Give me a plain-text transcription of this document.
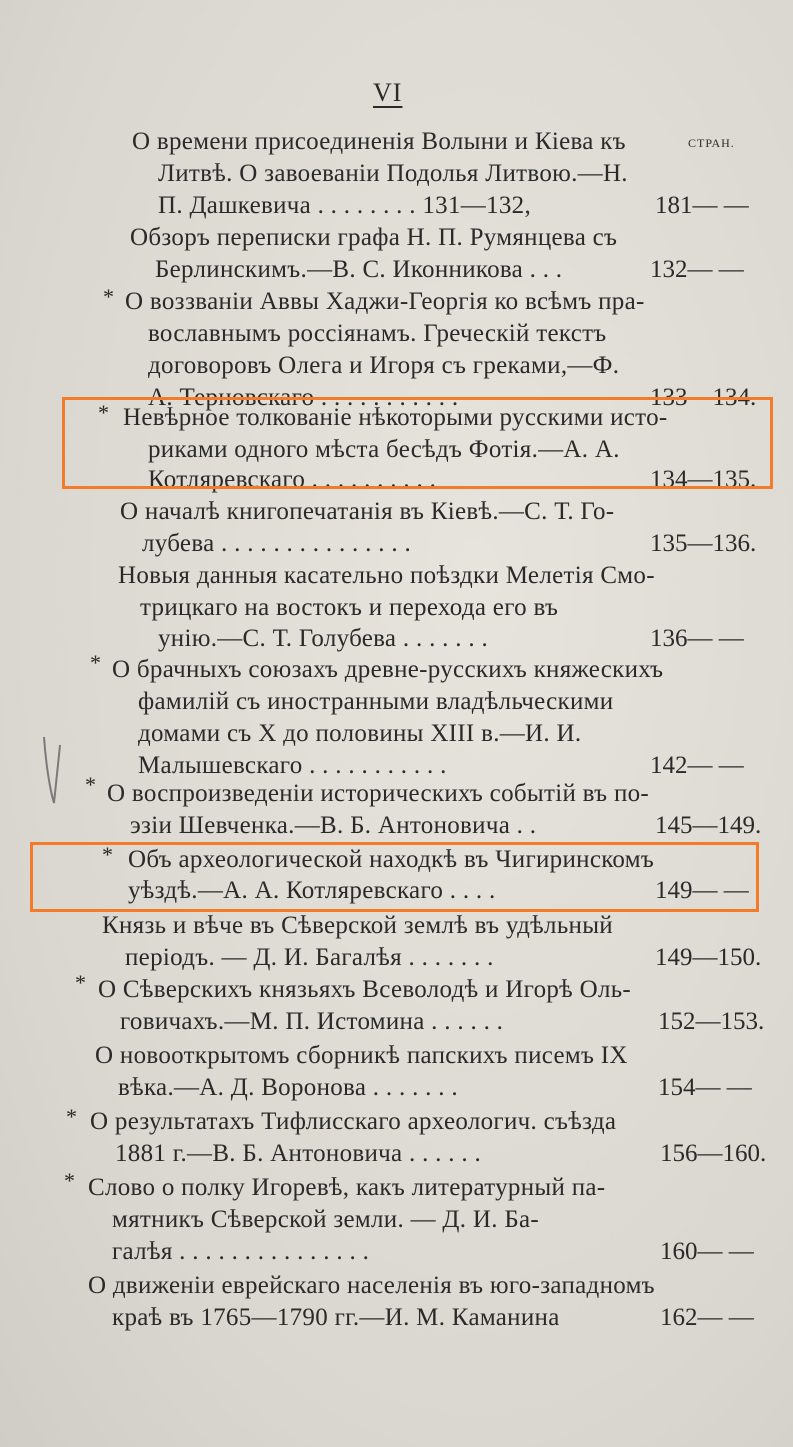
VI
СТРАН.
О времени присоединенія Волыни и Кіева къ
Литвѣ. О завоеваніи Подолья Литвою.—Н.
П. Дашкевича . . . . . . . . 131—132,	181— —
Обзоръ переписки графа Н. П. Румянцева съ
Берлинскимъ.—В. С. Иконникова . . .	132— —
* О воззваніи Аввы Хаджи-Георгія ко всѣмъ пра-
вославнымъ россіянамъ. Греческій текстъ
договоровъ Олега и Игоря съ греками,—Ф.
А. Терновскаго . . . . . . . . . . .	133—134.
* Невѣрное толкованіе нѣкоторыми русскими исто-
риками одного мѣста бесѣдъ Фотія.—А. А.
Котляревскаго . . . . . . . . . .	134—135.
О началѣ книгопечатанія въ Кіевѣ.—С. Т. Го-
лубева . . . . . . . . . . . . . . .	135—136.
Новыя данныя касательно поѣздки Мелетія Смо-
трицкаго на востокъ и перехода его въ
унію.—С. Т. Голубева . . . . . . .	136— —
* О брачныхъ союзахъ древне-русскихъ княжескихъ
фамилій съ иностранными владѣльческими
домами съ X до половины XIII в.—И. И.
Малышевскаго . . . . . . . . . . .	142— —
* О воспроизведеніи историческихъ событій въ по-
эзіи Шевченка.—В. Б. Антоновича . .	145—149.
* Объ археологической находкѣ въ Чигиринскомъ
уѣздѣ.—А. А. Котляревскаго . . . .	149— —
Князь и вѣче въ Сѣверской землѣ въ удѣльный
періодъ. — Д. И. Багалѣя . . . . . . .	149—150.
* О Сѣверскихъ князьяхъ Всеволодѣ и Игорѣ Оль-
говичахъ.—М. П. Истомина . . . . . .	152—153.
О новооткрытомъ сборникѣ папскихъ писемъ IX
вѣка.—А. Д. Воронова . . . . . . .	154— —
* О результатахъ Тифлисскаго археологич. съѣзда
1881 г.—В. Б. Антоновича . . . . . .	156—160.
* Слово о полку Игоревѣ, какъ литературный па-
мятникъ Сѣверской земли. — Д. И. Ба-
галѣя . . . . . . . . . . . . . . .	160— —
О движеніи еврейскаго населенія въ юго-западномъ
краѣ въ 1765—1790 гг.—И. М. Каманина	162— —
